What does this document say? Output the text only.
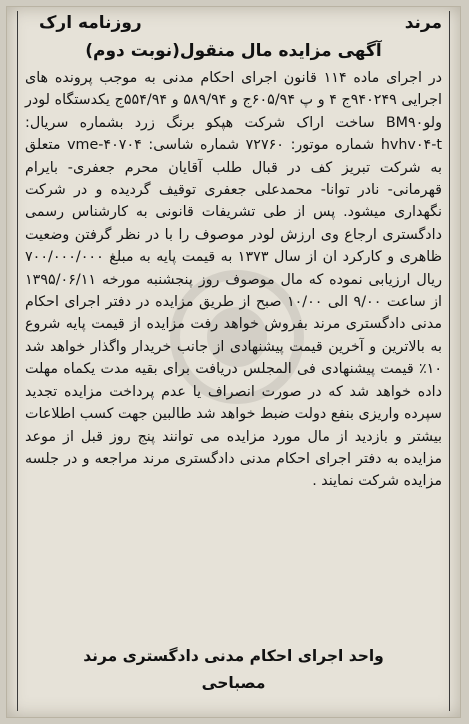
مرند
روزنامه ارک
آگهی مزایده مال منقول(نوبت دوم)

در اجرای ماده ۱۱۴ قانون اجرای احکام مدنی به موجب پرونده های اجرایی ۹۴۰۲۴۹ج ۴ و پ ۶۰۵/۹۴ج و ۵۸۹/۹۴ و ۵۵۴/۹۴ج یکدستگاه لودر ولوBM۹۰ ساخت اراک شرکت هپکو برنگ زرد بشماره سریال: hvhv۰۴-t شماره موتور: ۷۲۷۶۰ شماره شاسی: vme-۴۰۷۰۴ متعلق به شرکت تبریز کف در قبال طلب آقایان محرم جعفری- بایرام قهرمانی- نادر توانا- محمدعلی جعفری توقیف گردیده و در شرکت نگهداری میشود. پس از طی تشریفات قانونی به کارشناس رسمی دادگستری ارجاع وی ارزش لودر موصوف را با در نظر گرفتن وضعیت ظاهری و کارکرد ان از سال ۱۳۷۳ به قیمت پایه به مبلغ ۷۰۰/۰۰۰/۰۰۰ ریال ارزیابی نموده که مال موصوف روز پنجشنبه مورخه ۱۳۹۵/۰۶/۱۱ از ساعت ۹/۰۰ الی ۱۰/۰۰ صبح از طریق مزایده در دفتر اجرای احکام مدنی دادگستری مرند بفروش خواهد رفت مزایده از قیمت پایه شروع به بالاترین و آخرین قیمت پیشنهادی از جانب خریدار واگذار خواهد شد ۱۰٪ قیمت پیشنهادی فی المجلس دریافت برای بقیه مدت یکماه مهلت داده خواهد شد که در صورت انصراف یا عدم پرداخت مزایده تجدید سپرده واریزی بنفع دولت ضبط خواهد شد طالبین جهت کسب اطلاعات بیشتر و بازدید از مال مورد مزایده می توانند پنج روز قبل از موعد مزایده به دفتر اجرای احکام مدنی دادگستری مرند مراجعه و در جلسه مزایده شرکت نمایند .

واحد اجرای احکام مدنی دادگستری مرند
مصباحی
